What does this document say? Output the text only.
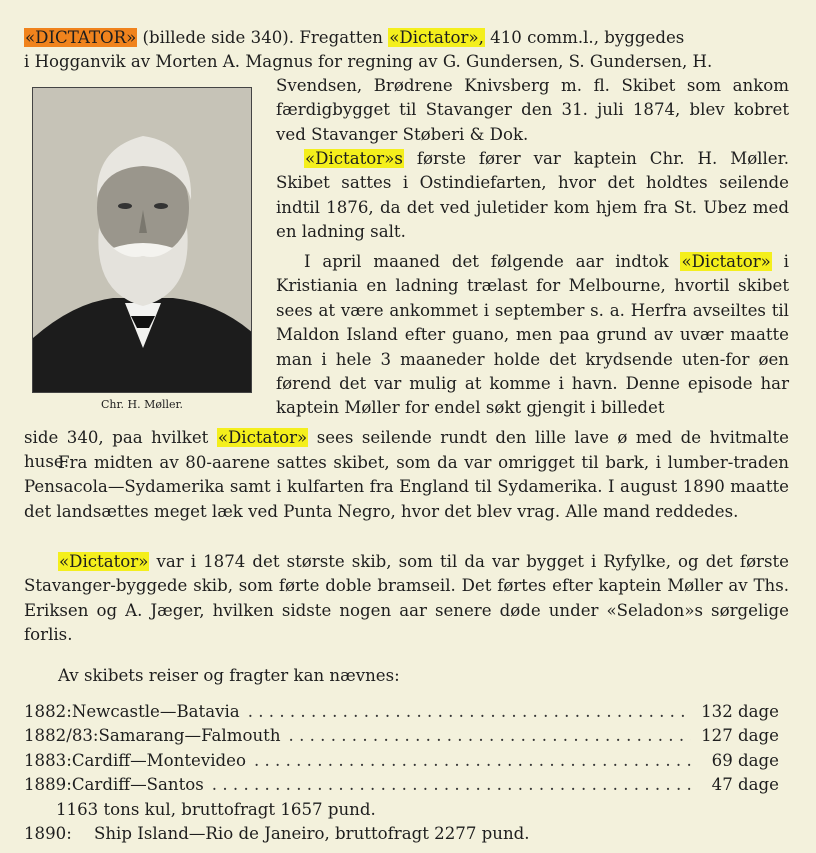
«DICTATOR» (billede side 340). Fregatten «Dictator», 410 comm.l., byggedes

i Hogganvik av Morten A. Magnus for regning av G. Gundersen, S. Gundersen, H.

Chr. H. Møller.

Svendsen, Brødrene Knivsberg m. fl. Skibet som ankom færdigbygget til Stavanger den 31. juli 1874, blev kobret ved Stavanger Støberi & Dok.

«Dictator»s første fører var kaptein Chr. H. Møller. Skibet sattes i Ostindiefarten, hvor det holdtes seilende indtil 1876, da det ved juletider kom hjem fra St. Ubez med en ladning salt.

I april maaned det følgende aar indtok «Dictator» i Kristiania en ladning trælast for Melbourne, hvortil skibet sees at være ankommet i september s. a. Herfra avseiltes til Maldon Island efter guano, men paa grund av uvær maatte man i hele 3 maaneder holde det krydsende uten-for øen førend det var mulig at komme i havn. Denne episode har kaptein Møller for endel søkt gjengit i billedet

side 340, paa hvilket «Dictator» sees seilende rundt den lille lave ø med de hvitmalte huse.

Fra midten av 80-aarene sattes skibet, som da var omrigget til bark, i lumber-traden Pensacola—Sydamerika samt i kulfarten fra England til Sydamerika. I august 1890 maatte det landsættes meget læk ved Punta Negro, hvor det blev vrag. Alle mand reddedes.

«Dictator» var i 1874 det største skib, som til da var bygget i Ryfylke, og det første Stavanger-byggede skib, som førte doble bramseil. Det førtes efter kaptein Møller av Ths. Eriksen og A. Jæger, hvilken sidste nogen aar senere døde under «Seladon»s sørgelige forlis.

Av skibets reiser og fragter kan nævnes:

1882: Newcastle—Batavia . . .	132 dage
1882/83: Samarang—Falmouth . . .	127 dage
1883: Cardiff—Montevideo . . .	69 dage
1889: Cardiff—Santos . . .	47 dage
1163 tons kul, bruttofragt 1657 pund.
1890:	Ship Island—Rio de Janeiro, bruttofragt 2277 pund.
